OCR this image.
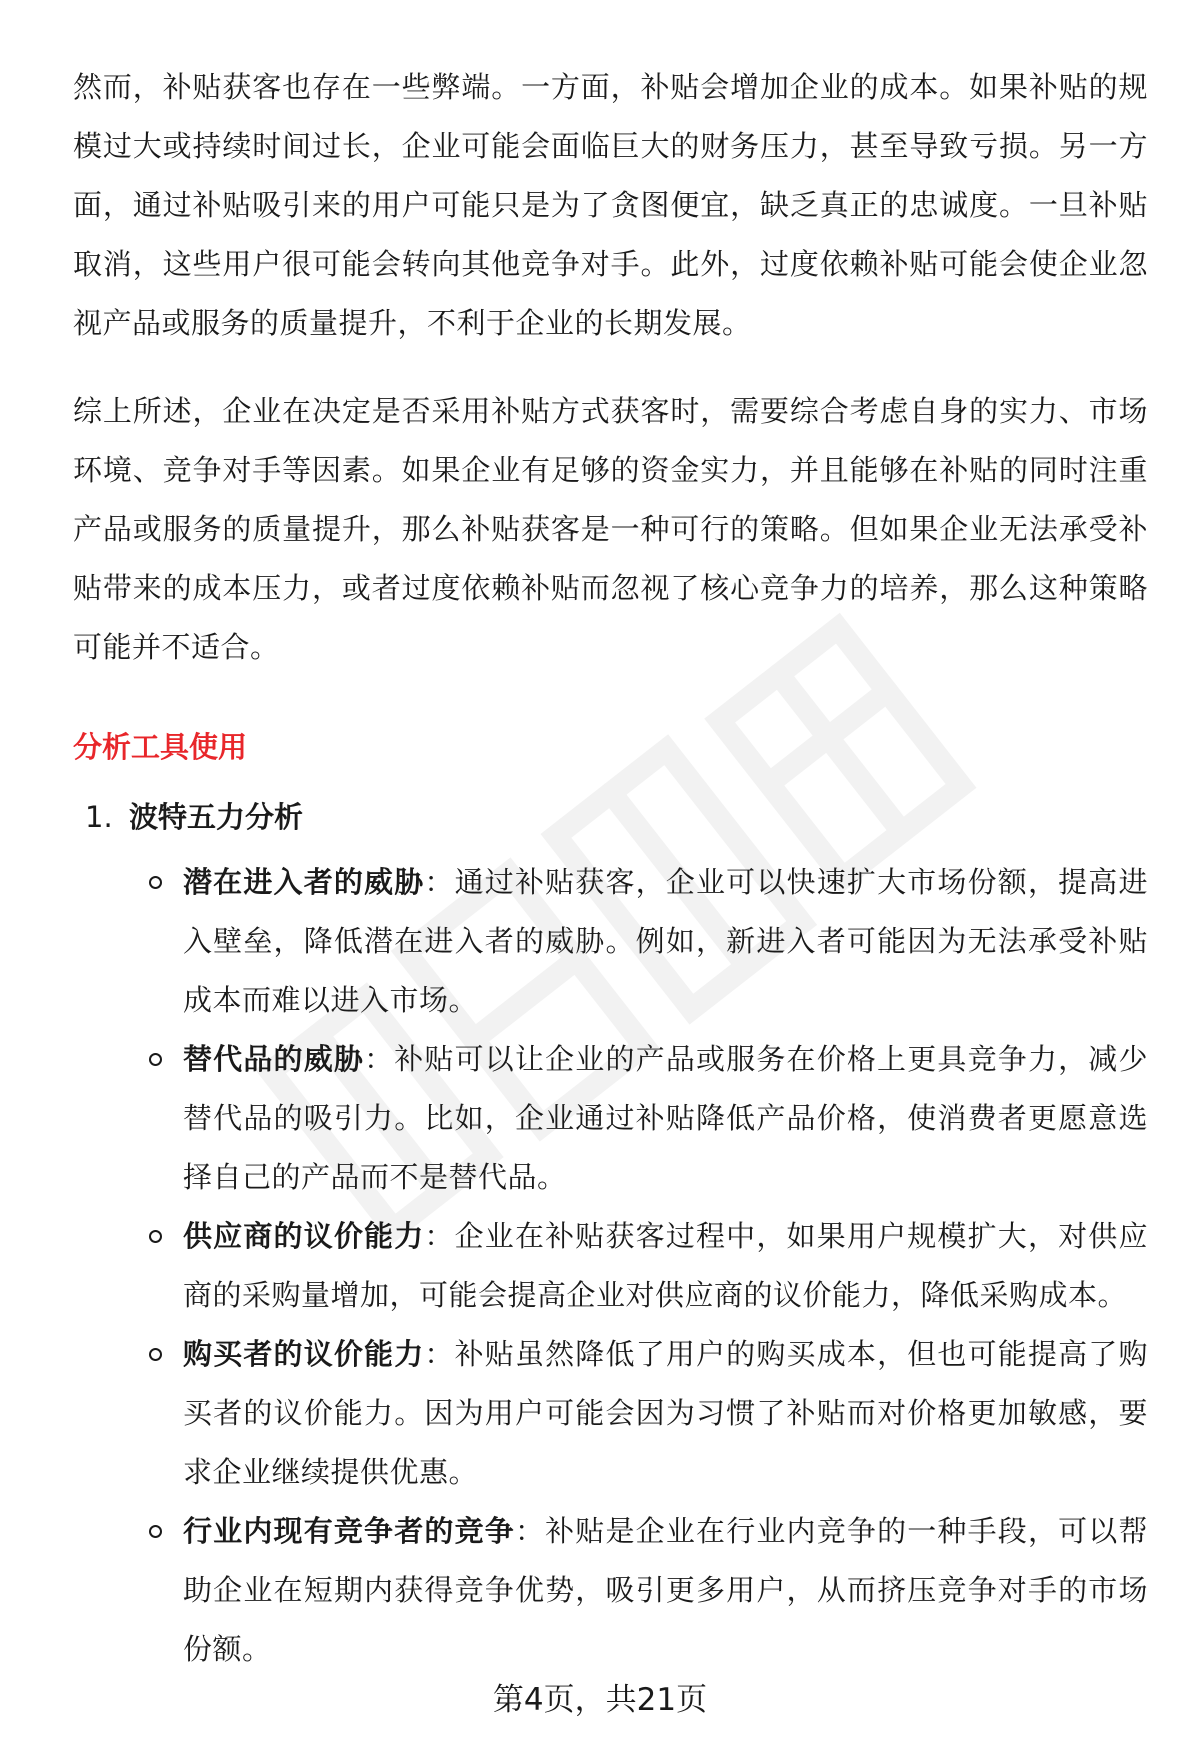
然而，补贴获客也存在一些弊端。一方面，补贴会增加企业的成本。如果补贴的规模过大或持续时间过长，企业可能会面临巨大的财务压力，甚至导致亏损。另一方面，通过补贴吸引来的用户可能只是为了贪图便宜，缺乏真正的忠诚度。一旦补贴取消，这些用户很可能会转向其他竞争对手。此外，过度依赖补贴可能会使企业忽视产品或服务的质量提升，不利于企业的长期发展。

综上所述，企业在决定是否采用补贴方式获客时，需要综合考虑自身的实力、市场环境、竞争对手等因素。如果企业有足够的资金实力，并且能够在补贴的同时注重产品或服务的质量提升，那么补贴获客是一种可行的策略。但如果企业无法承受补贴带来的成本压力，或者过度依赖补贴而忽视了核心竞争力的培养，那么这种策略可能并不适合。

分析工具使用
1. 波特五力分析
潜在进入者的威胁：通过补贴获客，企业可以快速扩大市场份额，提高进入壁垒，降低潜在进入者的威胁。例如，新进入者可能因为无法承受补贴成本而难以进入市场。
替代品的威胁：补贴可以让企业的产品或服务在价格上更具竞争力，减少替代品的吸引力。比如，企业通过补贴降低产品价格，使消费者更愿意选择自己的产品而不是替代品。
供应商的议价能力：企业在补贴获客过程中，如果用户规模扩大，对供应商的采购量增加，可能会提高企业对供应商的议价能力，降低采购成本。
购买者的议价能力：补贴虽然降低了用户的购买成本，但也可能提高了购买者的议价能力。因为用户可能会因为习惯了补贴而对价格更加敏感，要求企业继续提供优惠。
行业内现有竞争者的竞争：补贴是企业在行业内竞争的一种手段，可以帮助企业在短期内获得竞争优势，吸引更多用户，从而挤压竞争对手的市场份额。
第4页，共21页
